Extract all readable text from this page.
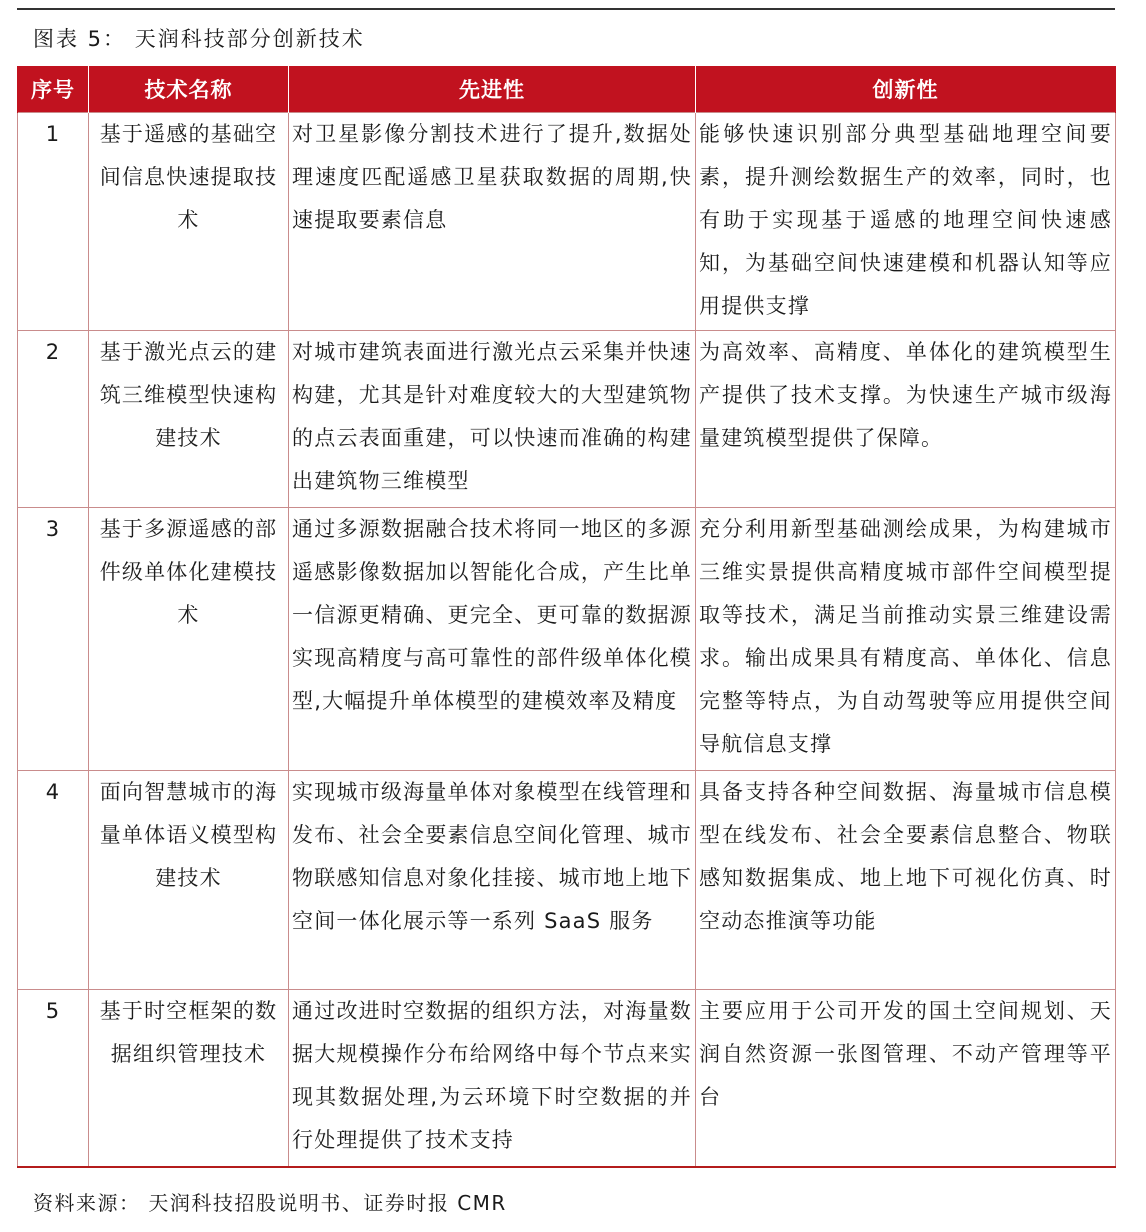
图表 5： 天润科技部分创新技术
序号	技术名称	先进性	创新性
1	基于遥感的基础空间信息快速提取技术	对卫星影像分割技术进行了提升,数据处理速度匹配遥感卫星获取数据的周期,快速提取要素信息	能够快速识别部分典型基础地理空间要素，提升测绘数据生产的效率，同时，也有助于实现基于遥感的地理空间快速感知，为基础空间快速建模和机器认知等应用提供支撑
2	基于激光点云的建筑三维模型快速构建技术	对城市建筑表面进行激光点云采集并快速构建，尤其是针对难度较大的大型建筑物的点云表面重建，可以快速而准确的构建出建筑物三维模型	为高效率、高精度、单体化的建筑模型生产提供了技术支撑。为快速生产城市级海量建筑模型提供了保障。
3	基于多源遥感的部件级单体化建模技术	通过多源数据融合技术将同一地区的多源遥感影像数据加以智能化合成，产生比单一信源更精确、更完全、更可靠的数据源实现高精度与高可靠性的部件级单体化模型,大幅提升单体模型的建模效率及精度	充分利用新型基础测绘成果，为构建城市三维实景提供高精度城市部件空间模型提取等技术，满足当前推动实景三维建设需求。输出成果具有精度高、单体化、信息完整等特点，为自动驾驶等应用提供空间导航信息支撑
4	面向智慧城市的海量单体语义模型构建技术	实现城市级海量单体对象模型在线管理和发布、社会全要素信息空间化管理、城市物联感知信息对象化挂接、城市地上地下空间一体化展示等一系列 SaaS 服务	具备支持各种空间数据、海量城市信息模 型在线发布、社会全要素信息整合、物联感知数据集成、地上地下可视化仿真、时空动态推演等功能
5	基于时空框架的数据组织管理技术	通过改进时空数据的组织方法，对海量数据大规模操作分布给网络中每个节点来实现其数据处理,为云环境下时空数据的并行处理提供了技术支持	主要应用于公司开发的国土空间规划、天润自然资源一张图管理、不动产管理等平台
资料来源： 天润科技招股说明书、证券时报 CMR
